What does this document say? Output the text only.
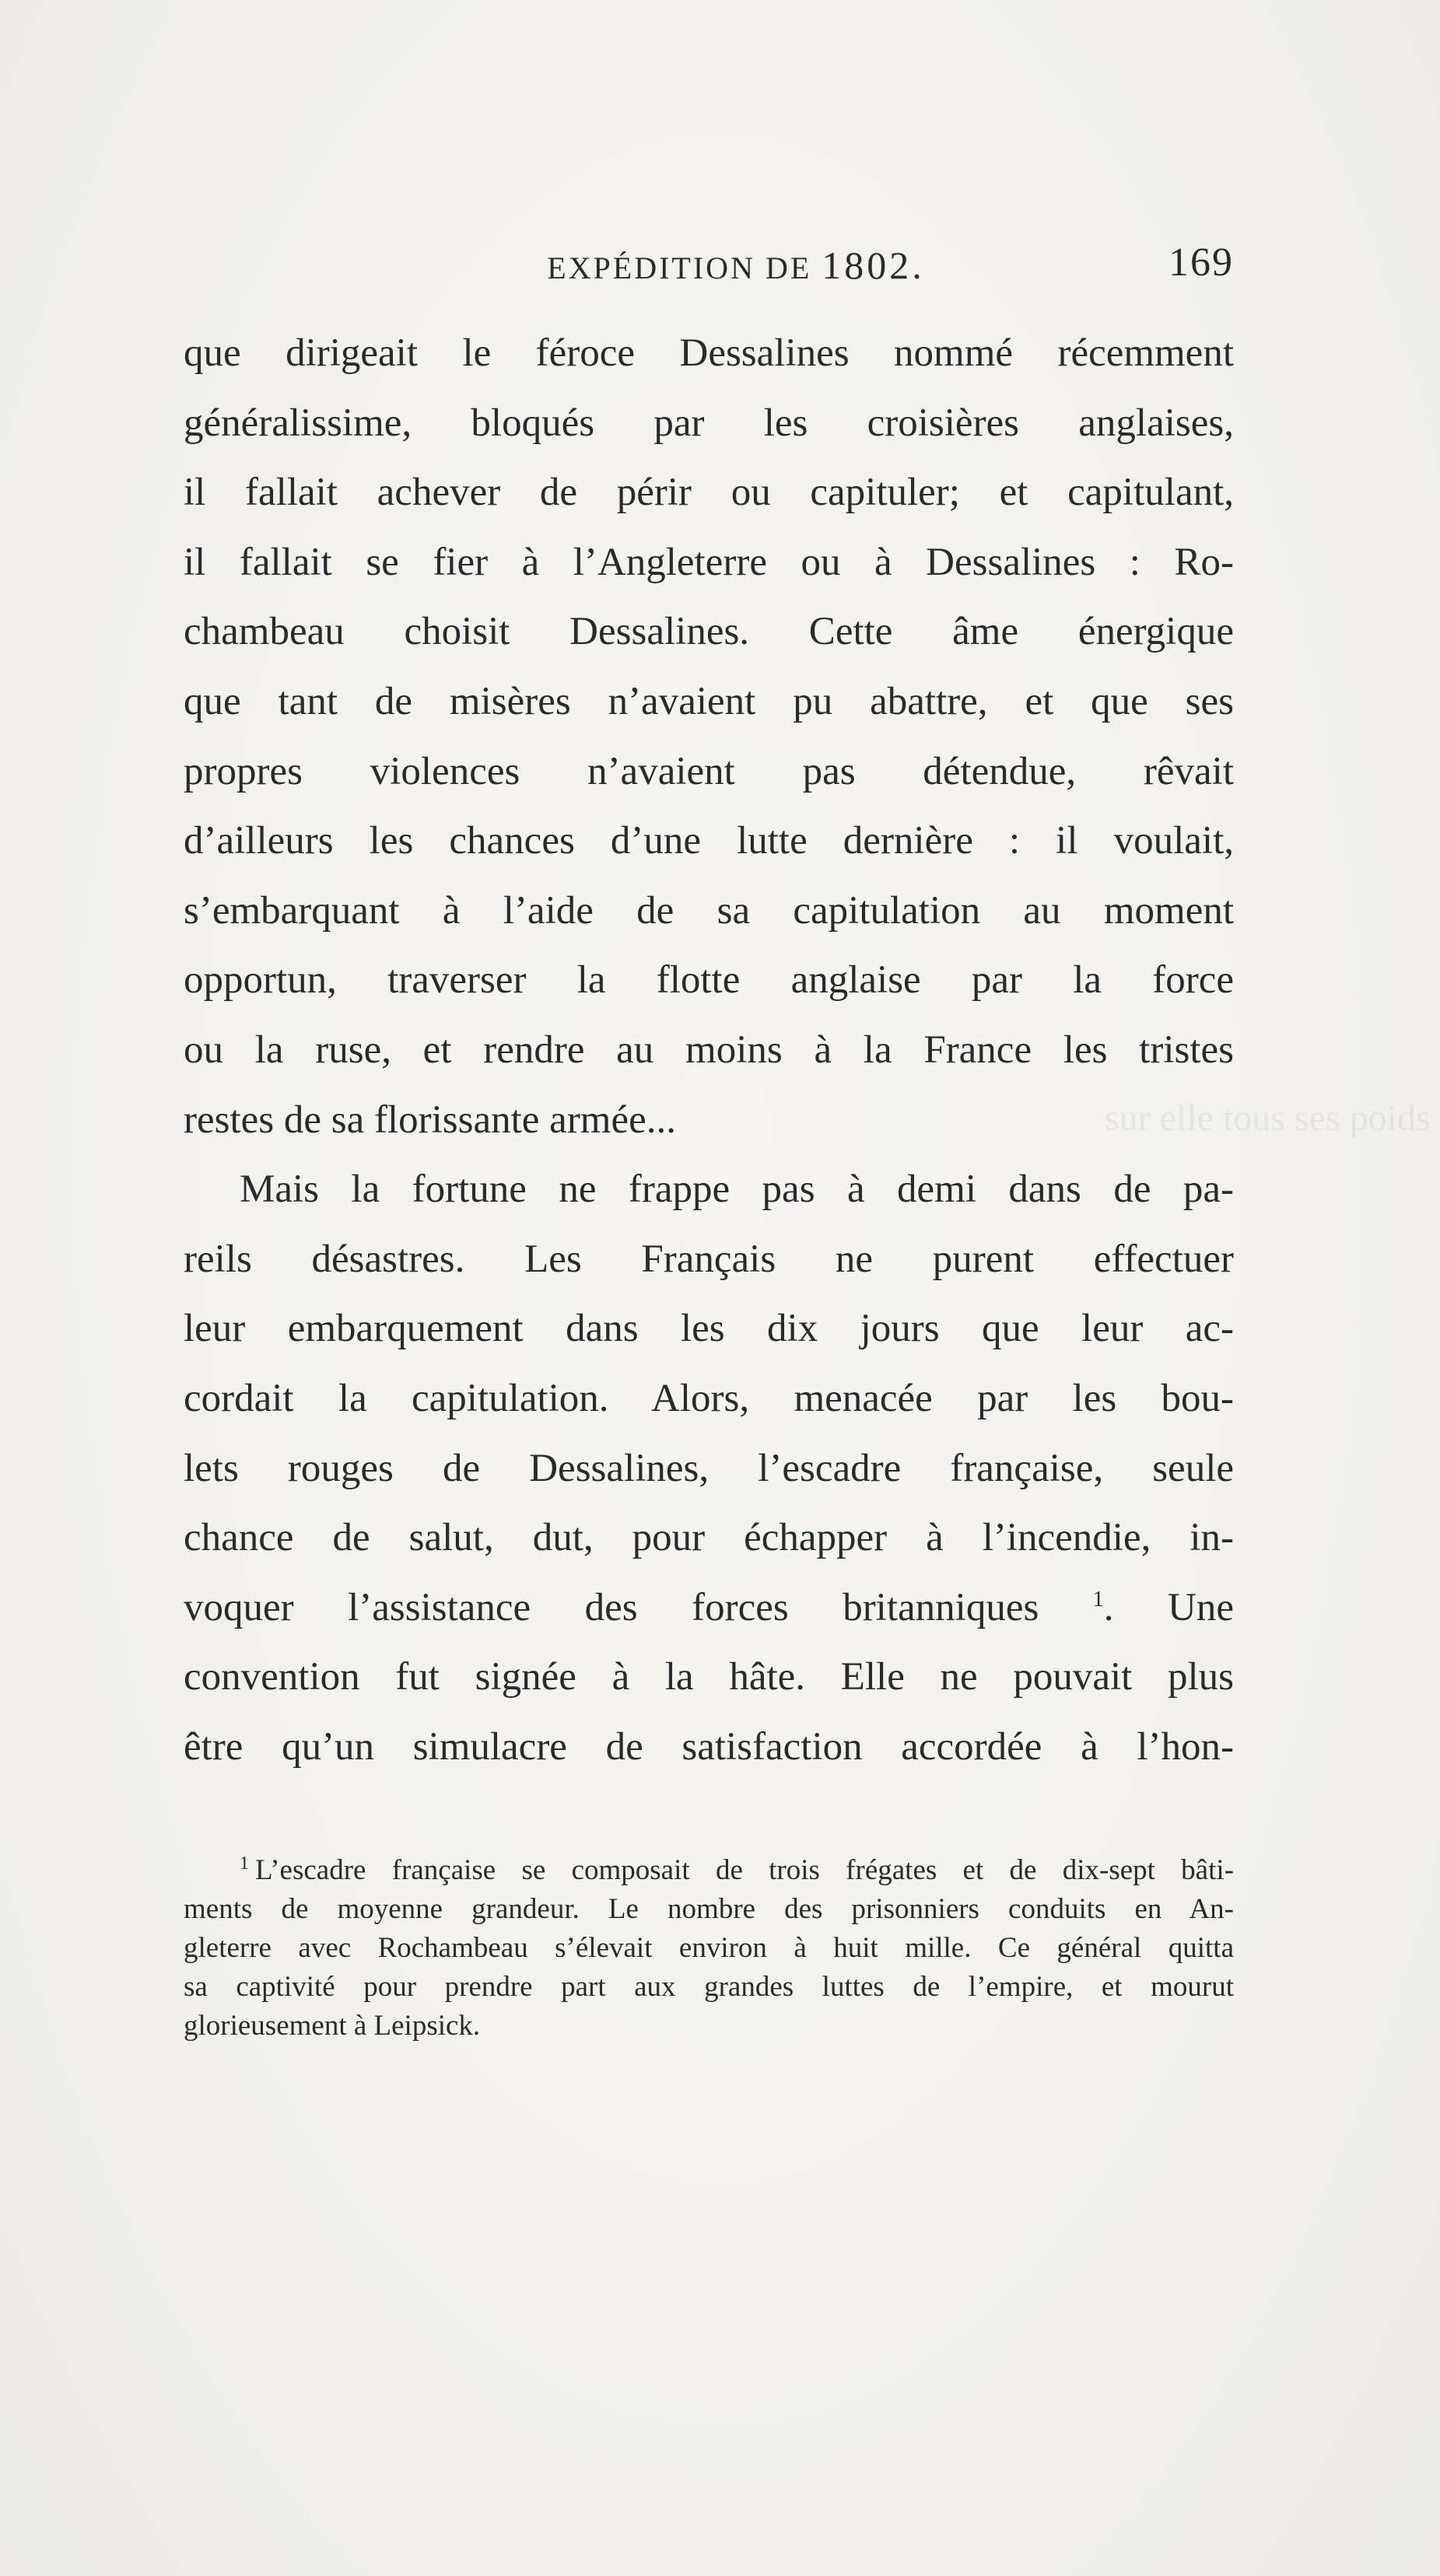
sur elle tous ses poids
EXPÉDITION DE 1802.	169
que dirigeait le féroce Dessalines nommé récemment
généralissime, bloqués par les croisières anglaises,
il fallait achever de périr ou capituler; et capitulant,
il fallait se fier à l’Angleterre ou à Dessalines : Ro-
chambeau choisit Dessalines. Cette âme énergique
que tant de misères n’avaient pu abattre, et que ses
propres violences n’avaient pas détendue, rêvait
d’ailleurs les chances d’une lutte dernière : il voulait,
s’embarquant à l’aide de sa capitulation au moment
opportun, traverser la flotte anglaise par la force
ou la ruse, et rendre au moins à la France les tristes
restes de sa florissante armée...
Mais la fortune ne frappe pas à demi dans de pa-
reils désastres. Les Français ne purent effectuer
leur embarquement dans les dix jours que leur ac-
cordait la capitulation. Alors, menacée par les bou-
lets rouges de Dessalines, l’escadre française, seule
chance de salut, dut, pour échapper à l’incendie, in-
voquer l’assistance des forces britanniques $^1$. Une
convention fut signée à la hâte. Elle ne pouvait plus
être qu’un simulacre de satisfaction accordée à l’hon-
$^1$ L’escadre française se composait de trois frégates et de dix-sept bâti-
ments de moyenne grandeur. Le nombre des prisonniers conduits en An-
gleterre avec Rochambeau s’élevait environ à huit mille. Ce général quitta
sa captivité pour prendre part aux grandes luttes de l’empire, et mourut
glorieusement à Leipsick.
